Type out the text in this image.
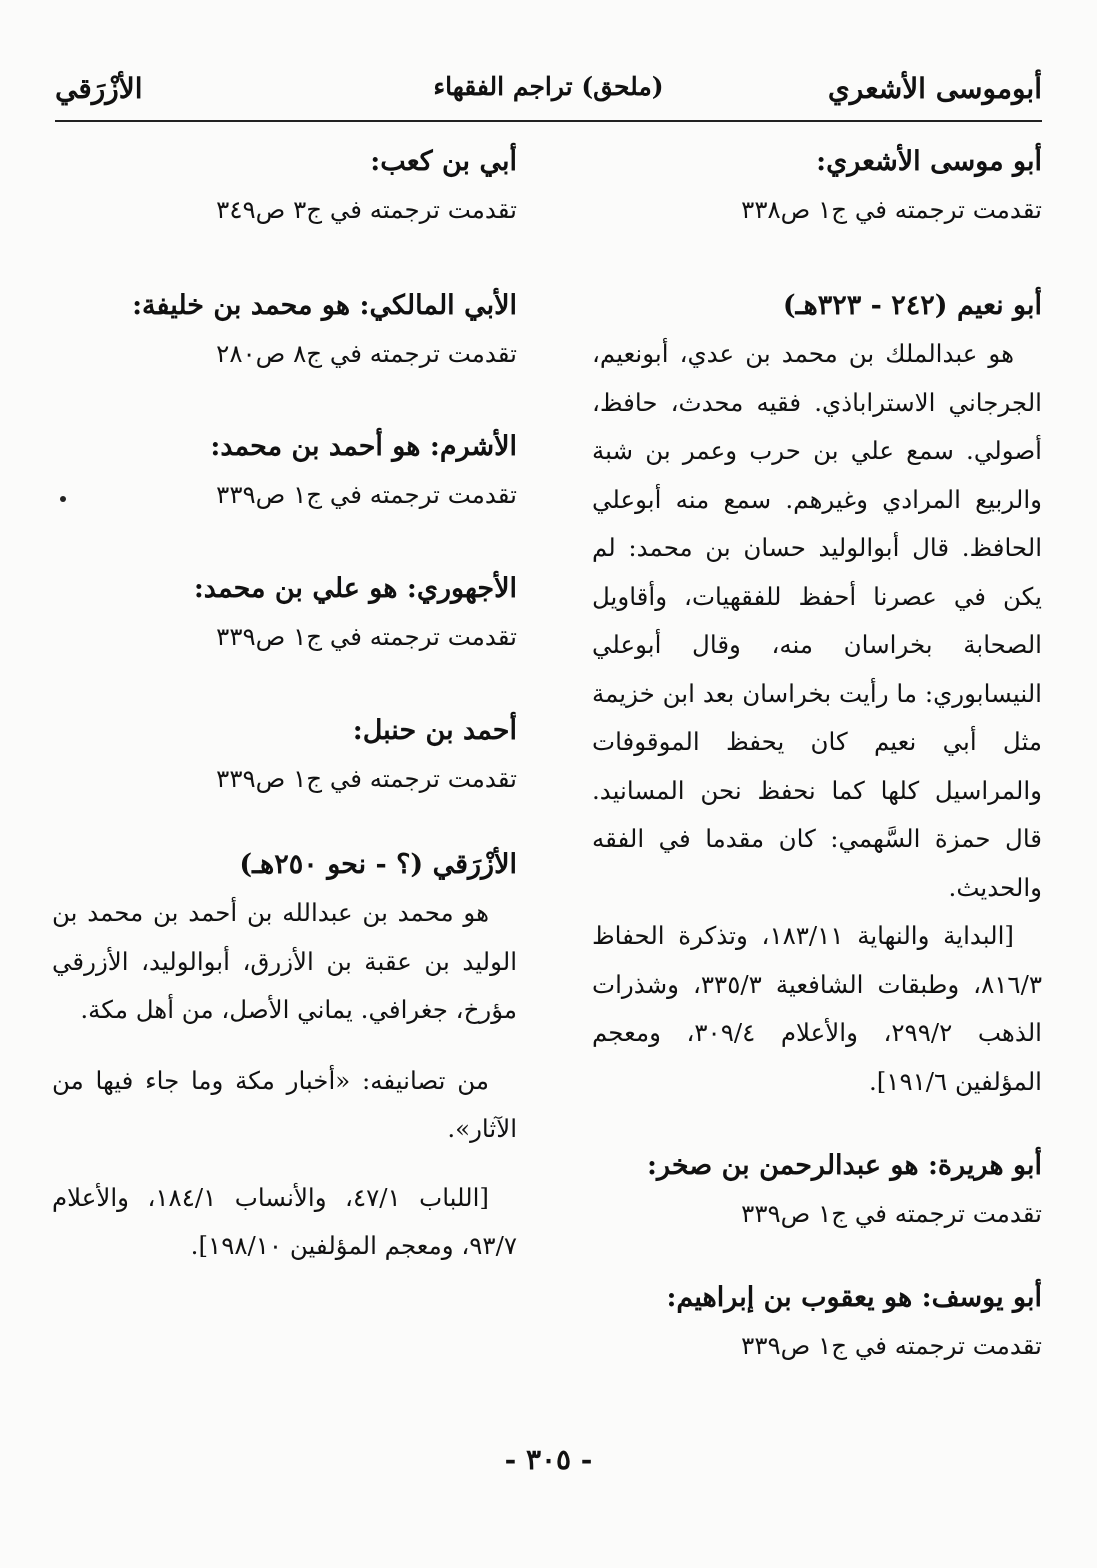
أبوموسى الأشعري
(ملحق) تراجم الفقهاء
الأزْرَقي

أبو موسى الأشعري:

تقدمت ترجمته في ج١ ص٣٣٨

أبو نعيم (٢٤٢ - ٣٢٣هـ)

هو عبدالملك بن محمد بن عدي، أبونعيم، الجرجاني الاستراباذي. فقيه محدث، حافظ، أصولي. سمع علي بن حرب وعمر بن شبة والربيع المرادي وغيرهم. سمع منه أبوعلي الحافظ. قال أبوالوليد حسان بن محمد: لم يكن في عصرنا أحفظ للفقهيات، وأقاويل الصحابة بخراسان منه، وقال أبوعلي النيسابوري: ما رأيت بخراسان بعد ابن خزيمة مثل أبي نعيم كان يحفظ الموقوفات والمراسيل كلها كما نحفظ نحن المسانيد. قال حمزة السَّهمي: كان مقدما في الفقه والحديث.

[البداية والنهاية ١٨٣/١١، وتذكرة الحفاظ ٨١٦/٣، وطبقات الشافعية ٣٣٥/٣، وشذرات الذهب ٢٩٩/٢، والأعلام ٣٠٩/٤، ومعجم المؤلفين ١٩١/٦].

أبو هريرة: هو عبدالرحمن بن صخر:

تقدمت ترجمته في ج١ ص٣٣٩

أبو يوسف: هو يعقوب بن إبراهيم:

تقدمت ترجمته في ج١ ص٣٣٩

أبي بن كعب:

تقدمت ترجمته في ج٣ ص٣٤٩

الأبي المالكي: هو محمد بن خليفة:

تقدمت ترجمته في ج٨ ص٢٨٠

الأشرم: هو أحمد بن محمد:

تقدمت ترجمته في ج١ ص٣٣٩

الأجهوري: هو علي بن محمد:

تقدمت ترجمته في ج١ ص٣٣٩

أحمد بن حنبل:

تقدمت ترجمته في ج١ ص٣٣٩

الأزْرَقي (؟ - نحو ٢٥٠هـ)

هو محمد بن عبدالله بن أحمد بن محمد بن الوليد بن عقبة بن الأزرق، أبوالوليد، الأزرقي مؤرخ، جغرافي. يماني الأصل، من أهل مكة.

من تصانيفه: «أخبار مكة وما جاء فيها من الآثار».

[اللباب ٤٧/١، والأنساب ١٨٤/١، والأعلام ٩٣/٧، ومعجم المؤلفين ١٩٨/١٠].

- ٣٠٥ -
